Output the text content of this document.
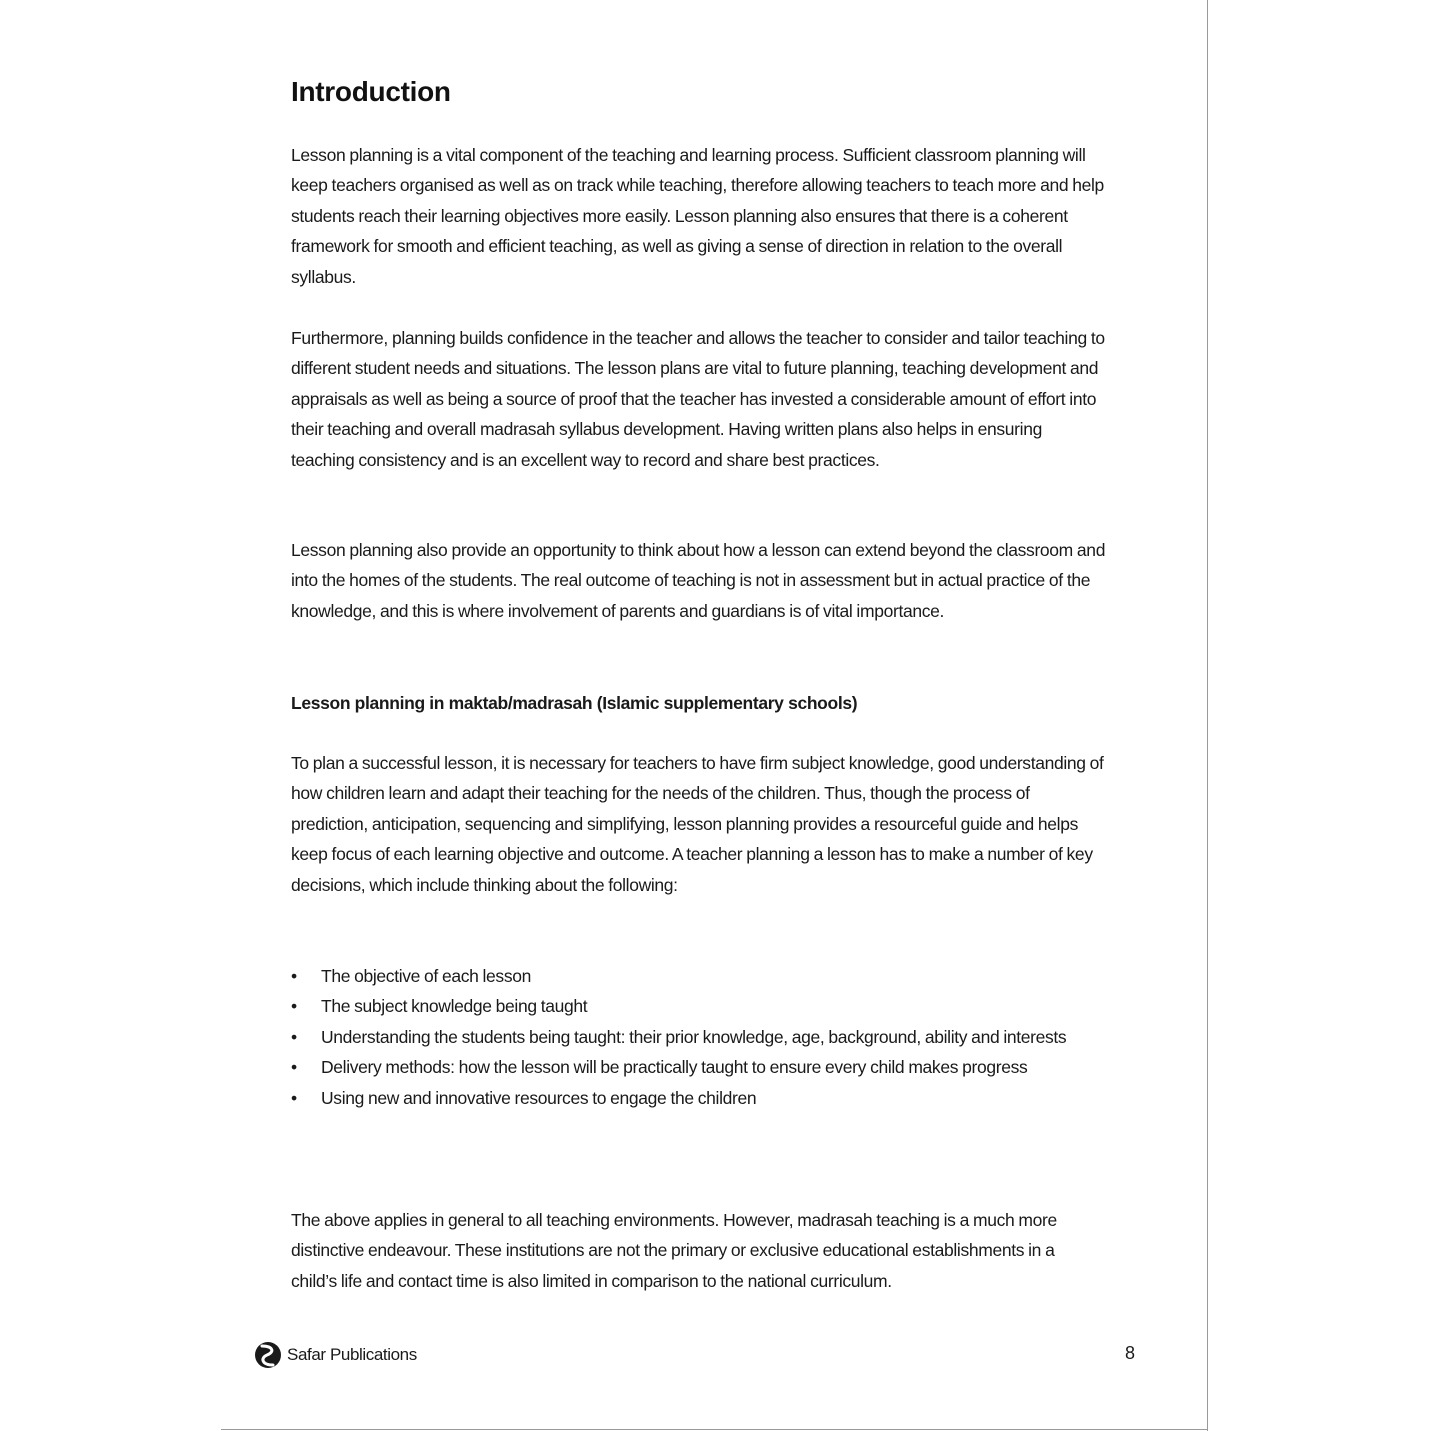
Introduction

Lesson planning is a vital component of the teaching and learning process. Sufficient classroom planning will keep teachers organised as well as on track while teaching, therefore allowing teachers to teach more and help students reach their learning objectives more easily. Lesson planning also ensures that there is a coherent framework for smooth and efficient teaching, as well as giving a sense of direction in relation to the overall syllabus.

Furthermore, planning builds confidence in the teacher and allows the teacher to consider and tailor teaching to different student needs and situations. The lesson plans are vital to future planning, teaching development and appraisals as well as being a source of proof that the teacher has invested a considerable amount of effort into their teaching and overall madrasah syllabus development. Having written plans also helps in ensuring teaching consistency and is an excellent way to record and share best practices.

Lesson planning also provide an opportunity to think about how a lesson can extend beyond the classroom and into the homes of the students. The real outcome of teaching is not in assessment but in actual practice of the knowledge, and this is where involvement of parents and guardians is of vital importance.

Lesson planning in maktab/madrasah (Islamic supplementary schools)

To plan a successful lesson, it is necessary for teachers to have firm subject knowledge, good understanding of how children learn and adapt their teaching for the needs of the children. Thus, though the process of prediction, anticipation, sequencing and simplifying, lesson planning provides a resourceful guide and helps keep focus of each learning objective and outcome. A teacher planning a lesson has to make a number of key decisions, which include thinking about the following:

• The objective of each lesson
• The subject knowledge being taught
• Understanding the students being taught: their prior knowledge, age, background, ability and interests
• Delivery methods: how the lesson will be practically taught to ensure every child makes progress
• Using new and innovative resources to engage the children

The above applies in general to all teaching environments. However, madrasah teaching is a much more distinctive endeavour. These institutions are not the primary or exclusive educational establishments in a child’s life and contact time is also limited in comparison to the national curriculum.

Safar Publications	8
